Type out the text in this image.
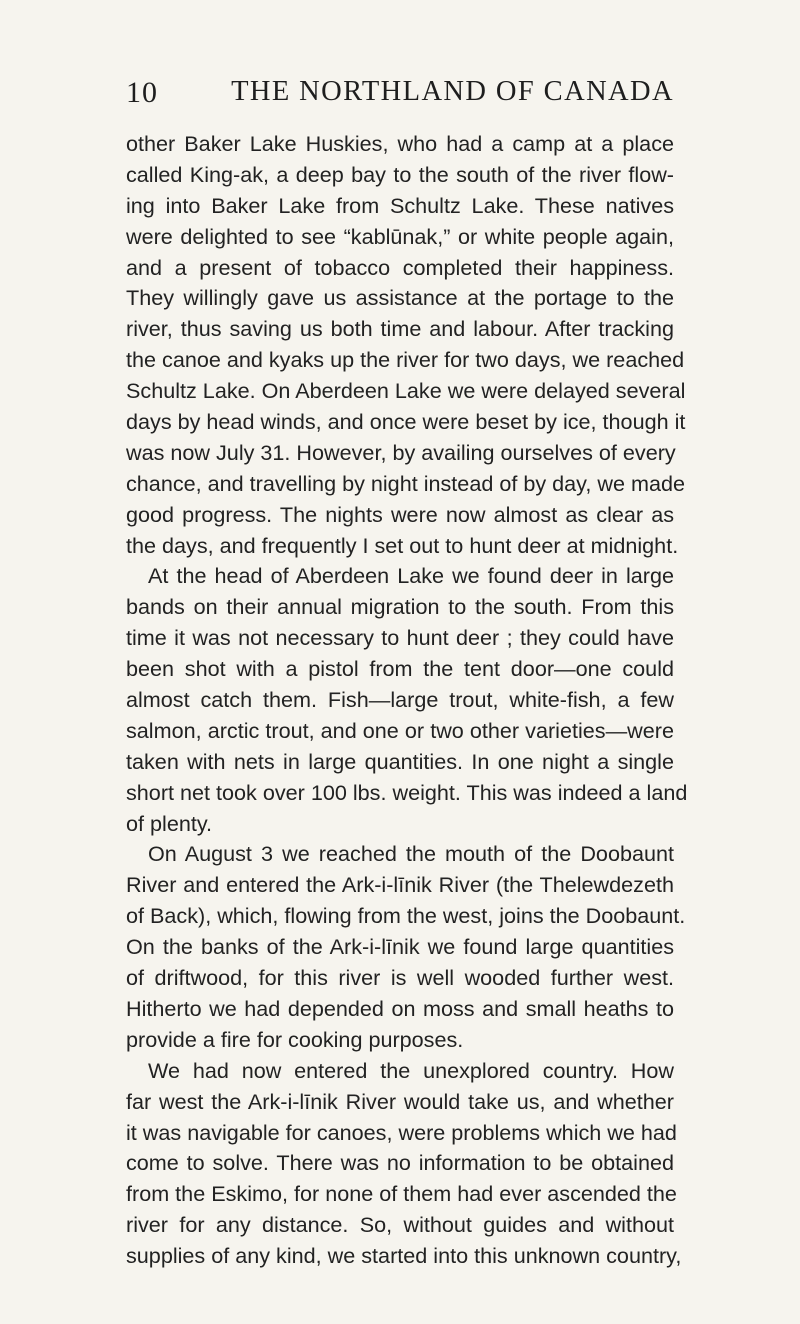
10	THE NORTHLAND OF CANADA
other Baker Lake Huskies, who had a camp at a place
called King-ak, a deep bay to the south of the river flow-
ing into Baker Lake from Schultz Lake. These natives
were delighted to see “kablūnak,” or white people again,
and a present of tobacco completed their happiness.
They willingly gave us assistance at the portage to the
river, thus saving us both time and labour. After tracking
the canoe and kyaks up the river for two days, we reached
Schultz Lake. On Aberdeen Lake we were delayed several
days by head winds, and once were beset by ice, though it
was now July 31. However, by availing ourselves of every
chance, and travelling by night instead of by day, we made
good progress. The nights were now almost as clear as
the days, and frequently I set out to hunt deer at midnight.
At the head of Aberdeen Lake we found deer in large
bands on their annual migration to the south. From this
time it was not necessary to hunt deer ; they could have
been shot with a pistol from the tent door—one could
almost catch them. Fish—large trout, white-fish, a few
salmon, arctic trout, and one or two other varieties—were
taken with nets in large quantities. In one night a single
short net took over 100 lbs. weight. This was indeed a land
of plenty.
On August 3 we reached the mouth of the Doobaunt
River and entered the Ark-i-līnik River (the Thelewdezeth
of Back), which, flowing from the west, joins the Doobaunt.
On the banks of the Ark-i-līnik we found large quantities
of driftwood, for this river is well wooded further west.
Hitherto we had depended on moss and small heaths to
provide a fire for cooking purposes.
We had now entered the unexplored country. How
far west the Ark-i-līnik River would take us, and whether
it was navigable for canoes, were problems which we had
come to solve. There was no information to be obtained
from the Eskimo, for none of them had ever ascended the
river for any distance. So, without guides and without
supplies of any kind, we started into this unknown country,
